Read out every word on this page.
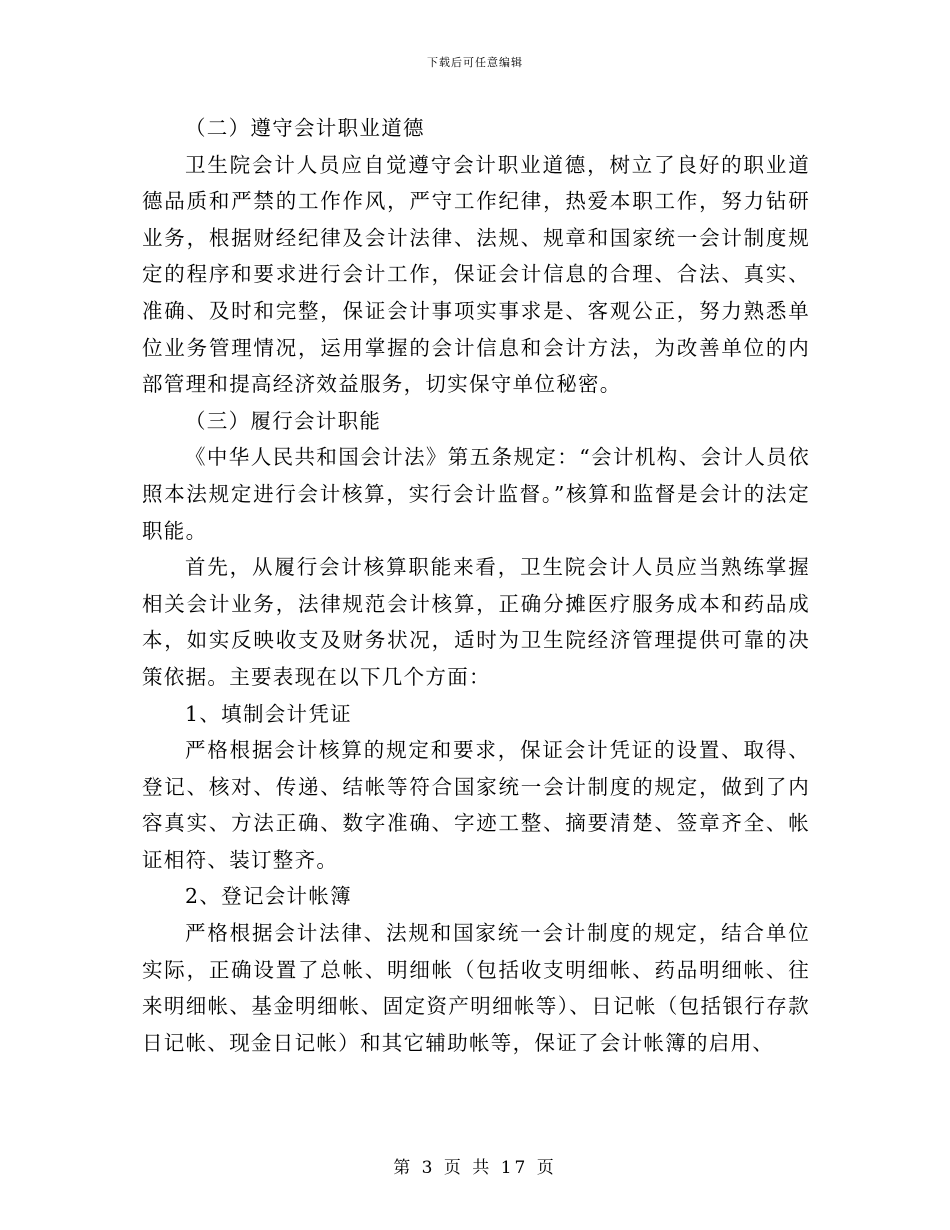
下载后可任意编辑

（二）遵守会计职业道德

卫生院会计人员应自觉遵守会计职业道德，树立了良好的职业道德品质和严禁的工作作风，严守工作纪律，热爱本职工作，努力钻研业务，根据财经纪律及会计法律、法规、规章和国家统一会计制度规定的程序和要求进行会计工作，保证会计信息的合理、合法、真实、准确、及时和完整，保证会计事项实事求是、客观公正，努力熟悉单位业务管理情况，运用掌握的会计信息和会计方法，为改善单位的内部管理和提高经济效益服务，切实保守单位秘密。

（三）履行会计职能

《中华人民共和国会计法》第五条规定：“会计机构、会计人员依照本法规定进行会计核算，实行会计监督。”核算和监督是会计的法定职能。

首先，从履行会计核算职能来看，卫生院会计人员应当熟练掌握相关会计业务，法律规范会计核算，正确分摊医疗服务成本和药品成本，如实反映收支及财务状况，适时为卫生院经济管理提供可靠的决策依据。主要表现在以下几个方面：

1、填制会计凭证

严格根据会计核算的规定和要求，保证会计凭证的设置、取得、登记、核对、传递、结帐等符合国家统一会计制度的规定，做到了内容真实、方法正确、数字准确、字迹工整、摘要清楚、签章齐全、帐证相符、装订整齐。

2、登记会计帐簿

严格根据会计法律、法规和国家统一会计制度的规定，结合单位实际，正确设置了总帐、明细帐（包括收支明细帐、药品明细帐、往来明细帐、基金明细帐、固定资产明细帐等）、日记帐（包括银行存款日记帐、现金日记帐）和其它辅助帐等，保证了会计帐簿的启用、

第 3 页 共 17 页
